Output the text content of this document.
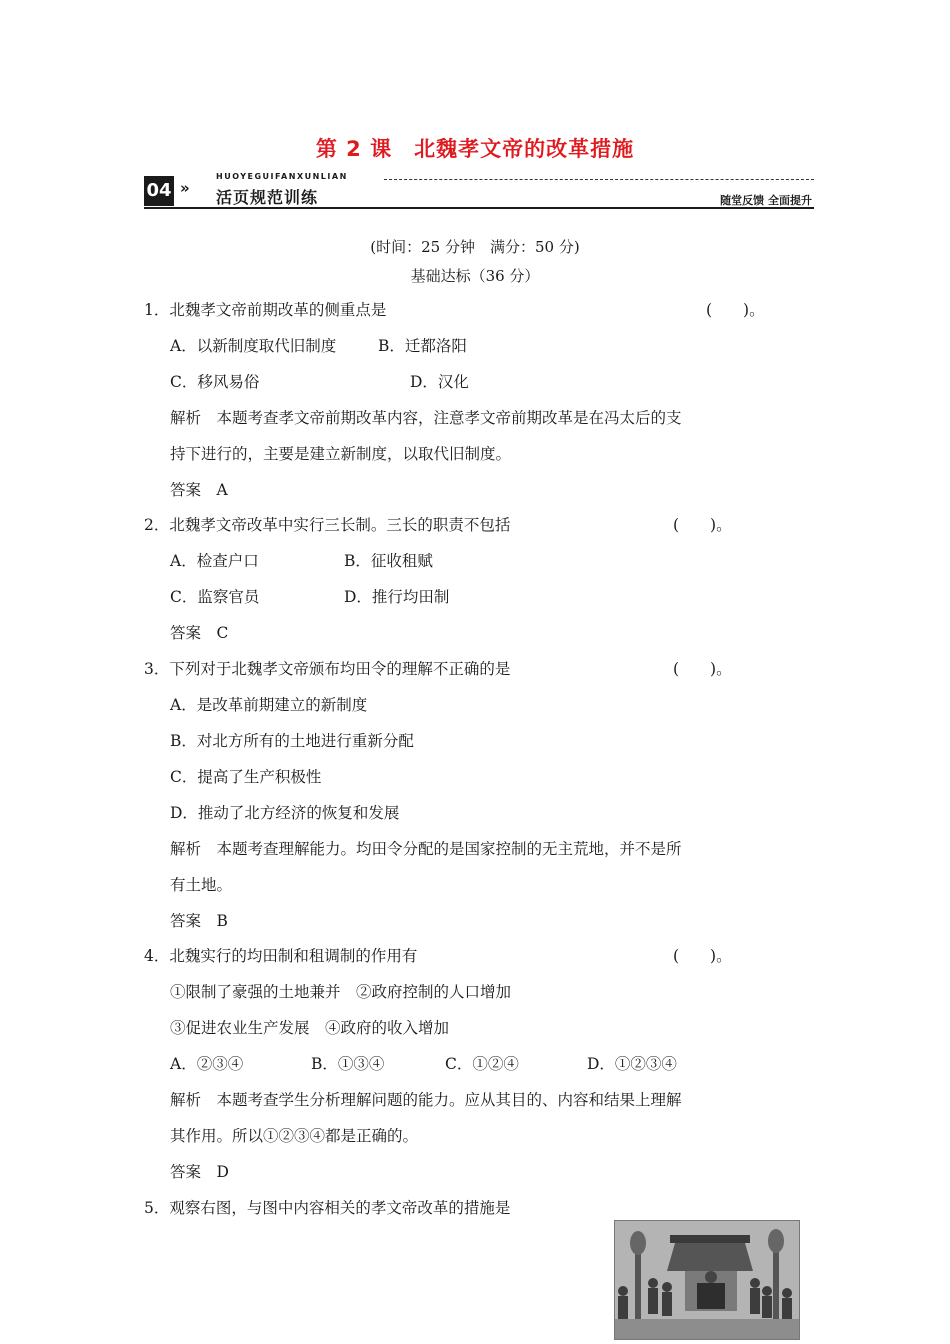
第 2 课　北魏孝文帝的改革措施
04 »
HUOYEGUIFANXUNLIAN
活页规范训练	随堂反馈 全面提升
(时间：25 分钟　满分：50 分)
基础达标（36 分）
1．北魏孝文帝前期改革的侧重点是	(　　)。
A．以新制度取代旧制度	B．迁都洛阳
C．移风易俗	D．汉化
解析　本题考查孝文帝前期改革内容，注意孝文帝前期改革是在冯太后的支
持下进行的，主要是建立新制度，以取代旧制度。
答案　A
2．北魏孝文帝改革中实行三长制。三长的职责不包括	(　　)。
A．检查户口	B．征收租赋
C．监察官员	D．推行均田制
答案　C
3．下列对于北魏孝文帝颁布均田令的理解不正确的是	(　　)。
A．是改革前期建立的新制度
B．对北方所有的土地进行重新分配
C．提高了生产积极性
D．推动了北方经济的恢复和发展
解析　本题考查理解能力。均田令分配的是国家控制的无主荒地，并不是所
有土地。
答案　B
4．北魏实行的均田制和租调制的作用有	(　　)。
①限制了豪强的土地兼并　②政府控制的人口增加
③促进农业生产发展　④政府的收入增加
A．②③④	B．①③④	C．①②④	D．①②③④
解析　本题考查学生分析理解问题的能力。应从其目的、内容和结果上理解
其作用。所以①②③④都是正确的。
答案　D
5．观察右图，与图中内容相关的孝文帝改革的措施是
